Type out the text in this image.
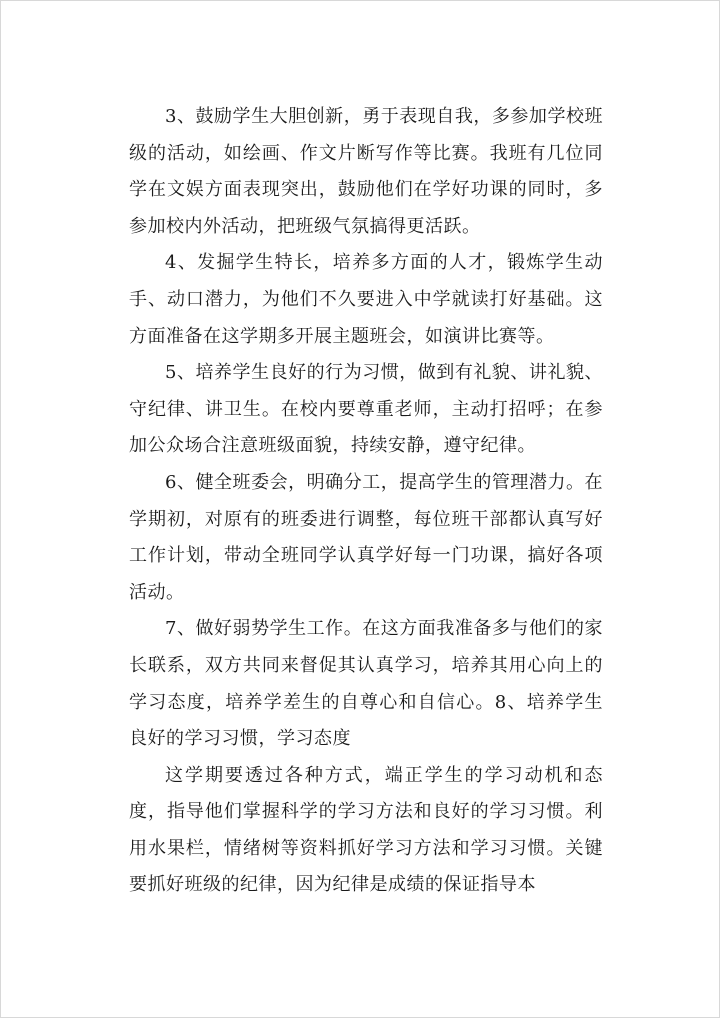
3、鼓励学生大胆创新，勇于表现自我，多参加学校班级的活动，如绘画、作文片断写作等比赛。我班有几位同学在文娱方面表现突出，鼓励他们在学好功课的同时，多参加校内外活动，把班级气氛搞得更活跃。

4、发掘学生特长，培养多方面的人才，锻炼学生动手、动口潜力，为他们不久要进入中学就读打好基础。这方面准备在这学期多开展主题班会，如演讲比赛等。

5、培养学生良好的行为习惯，做到有礼貌、讲礼貌、守纪律、讲卫生。在校内要尊重老师，主动打招呼；在参加公众场合注意班级面貌，持续安静，遵守纪律。

6、健全班委会，明确分工，提高学生的管理潜力。在学期初，对原有的班委进行调整，每位班干部都认真写好工作计划，带动全班同学认真学好每一门功课，搞好各项活动。

7、做好弱势学生工作。在这方面我准备多与他们的家长联系，双方共同来督促其认真学习，培养其用心向上的学习态度，培养学差生的自尊心和自信心。8、培养学生良好的学习习惯，学习态度

这学期要透过各种方式，端正学生的学习动机和态度，指导他们掌握科学的学习方法和良好的学习习惯。利用水果栏，情绪树等资料抓好学习方法和学习习惯。关键要抓好班级的纪律，因为纪律是成绩的保证指导本
